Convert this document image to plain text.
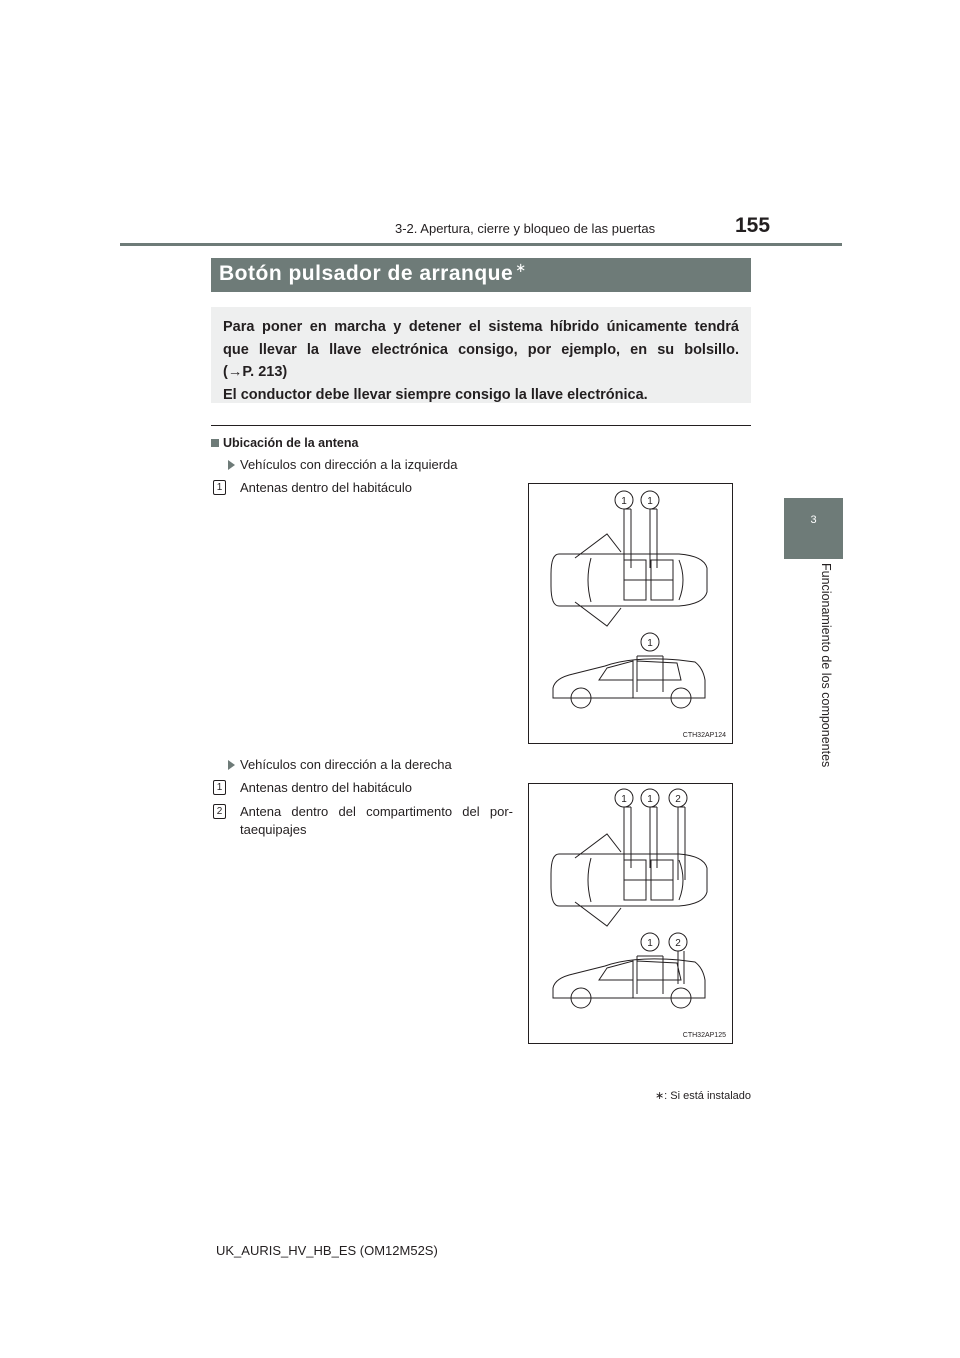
3-2. Apertura, cierre y bloqueo de las puertas	155
3
Funcionamiento de los componentes
Botón pulsador de arranque ∗
Para poner en marcha y detener el sistema híbrido únicamente tendrá
que llevar la llave electrónica consigo, por ejemplo, en su bolsillo.
(→P. 213)
El conductor debe llevar siempre consigo la llave electrónica.
Ubicación de la antena
Vehículos con dirección a la izquierda
1 Antenas dentro del habitáculo
1 1
1
CTH32AP124
Vehículos con dirección a la derecha
1 Antenas dentro del habitáculo
2 Antena dentro del compartimento del por-
taequipajes
1 1 2
1 2
CTH32AP125
∗: Si está instalado
UK_AURIS_HV_HB_ES (OM12M52S)
